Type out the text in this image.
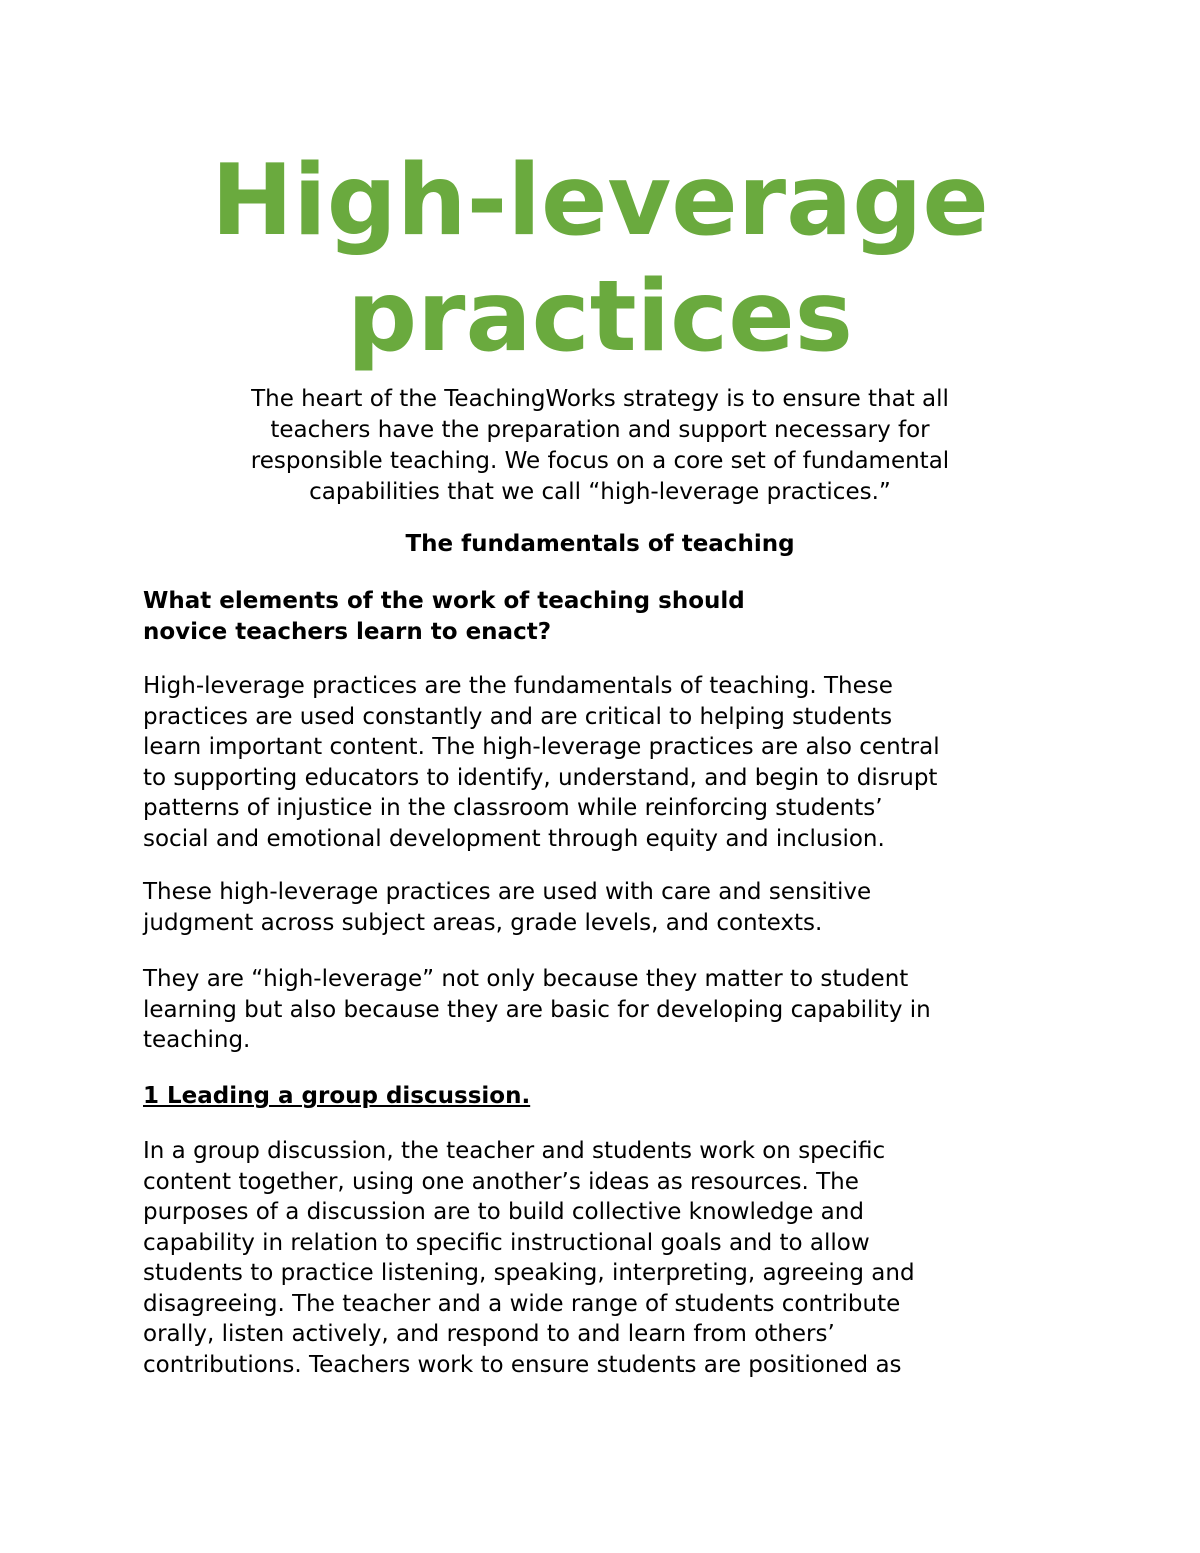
High-leverage
practices
The heart of the TeachingWorks strategy is to ensure that all
teachers have the preparation and support necessary for
responsible teaching. We focus on a core set of fundamental
capabilities that we call “high-leverage practices.”
The fundamentals of teaching
What elements of the work of teaching should
novice teachers learn to enact?
High-leverage practices are the fundamentals of teaching. These
practices are used constantly and are critical to helping students
learn important content. The high-leverage practices are also central
to supporting educators to identify, understand, and begin to disrupt
patterns of injustice in the classroom while reinforcing students’
social and emotional development through equity and inclusion.
These high-leverage practices are used with care and sensitive
judgment across subject areas, grade levels, and contexts.
They are “high-leverage” not only because they matter to student
learning but also because they are basic for developing capability in
teaching.
1 Leading a group discussion.
In a group discussion, the teacher and students work on specific
content together, using one another’s ideas as resources. The
purposes of a discussion are to build collective knowledge and
capability in relation to specific instructional goals and to allow
students to practice listening, speaking, interpreting, agreeing and
disagreeing. The teacher and a wide range of students contribute
orally, listen actively, and respond to and learn from others’
contributions. Teachers work to ensure students are positioned as
